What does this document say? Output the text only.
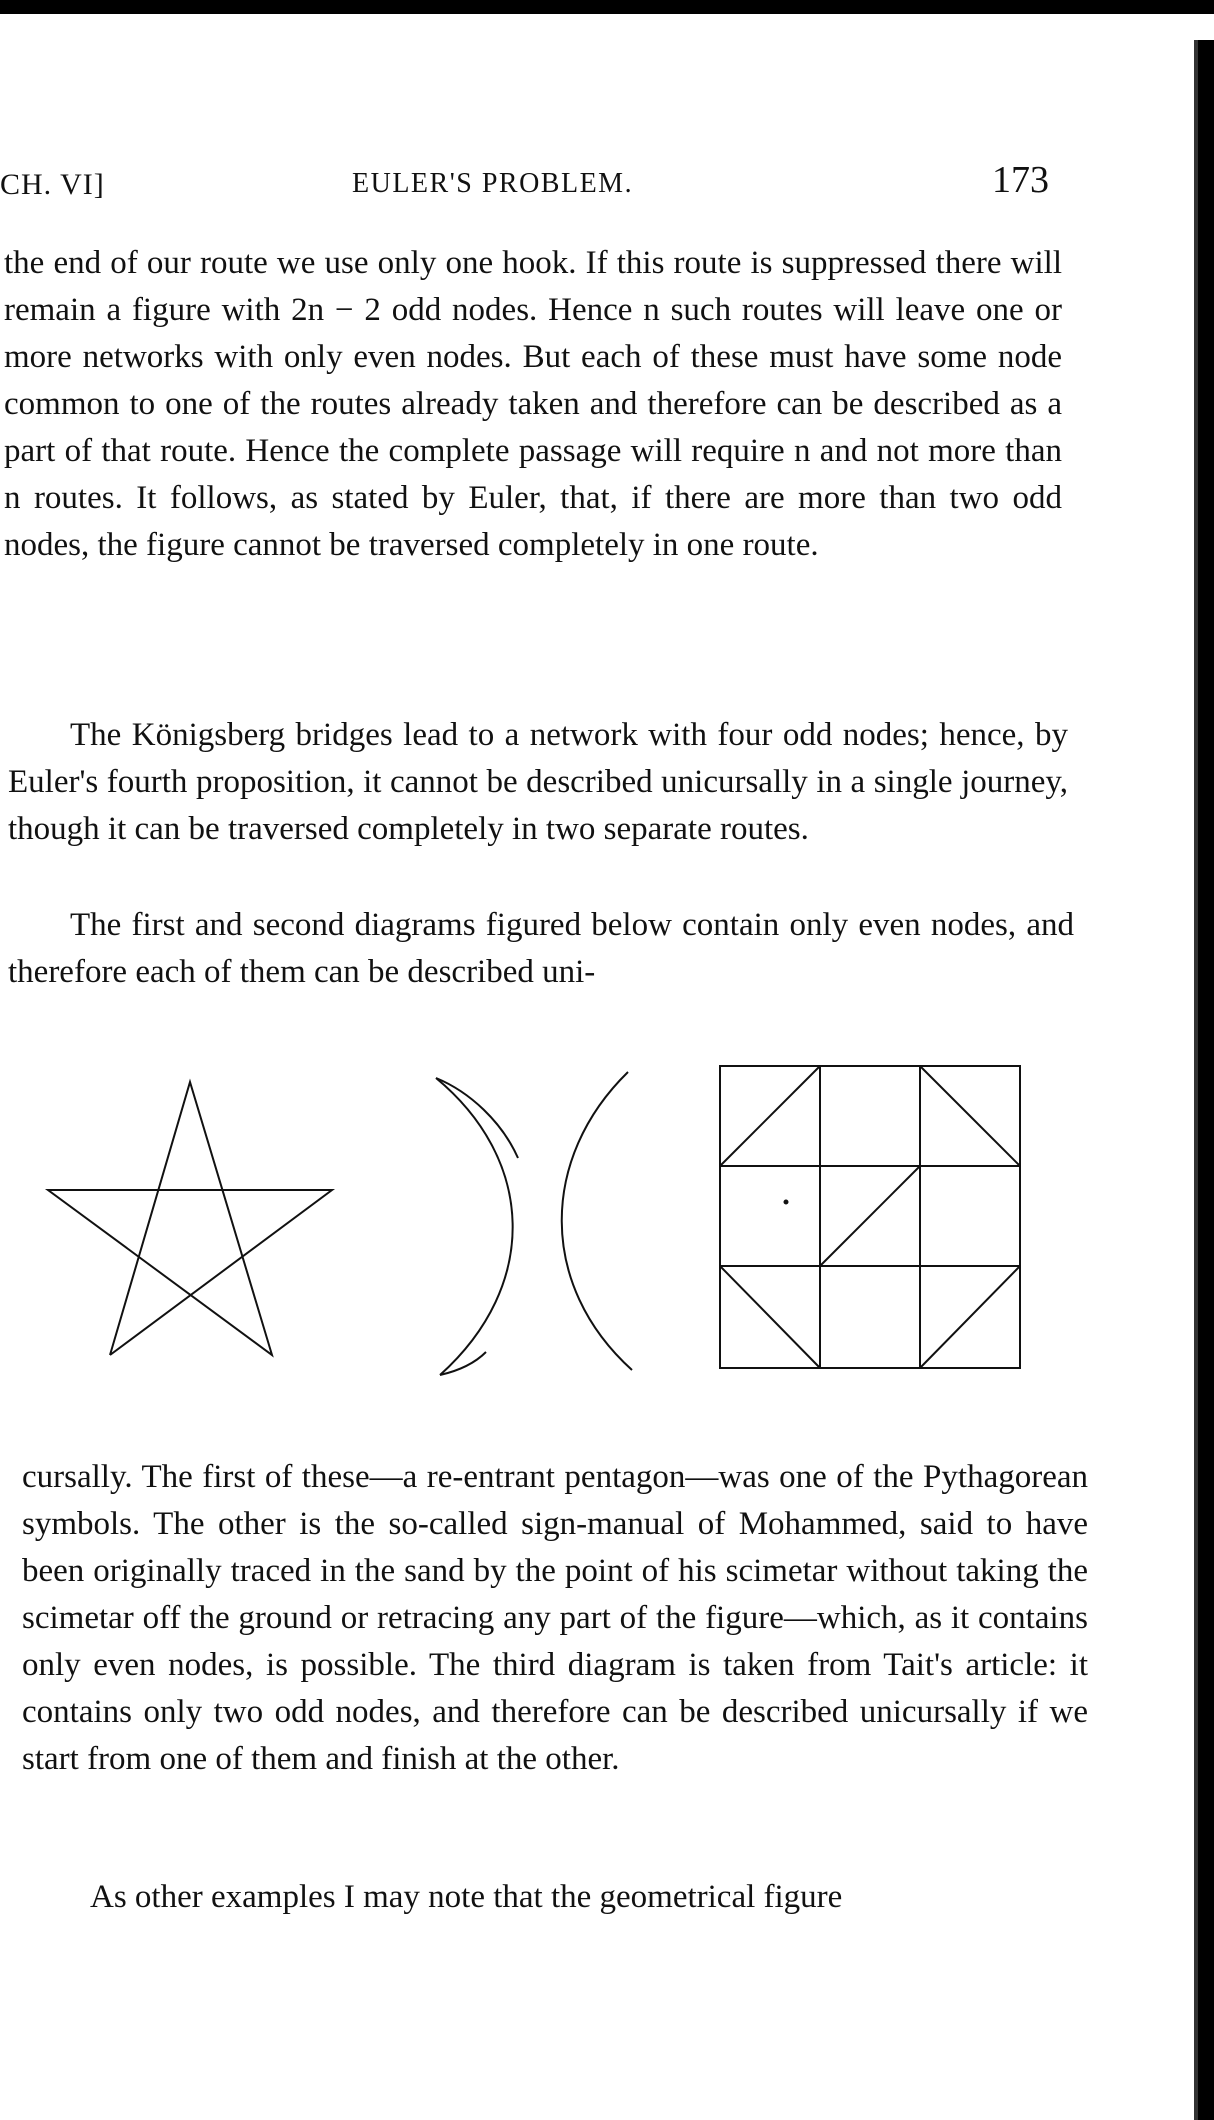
CH. VI]	EULER'S PROBLEM.	173

the end of our route we use only one hook. If this route is suppressed there will remain a figure with 2n − 2 odd nodes. Hence n such routes will leave one or more networks with only even nodes. But each of these must have some node common to one of the routes already taken and therefore can be described as a part of that route. Hence the complete passage will require n and not more than n routes. It follows, as stated by Euler, that, if there are more than two odd nodes, the figure cannot be traversed completely in one route.

The Königsberg bridges lead to a network with four odd nodes; hence, by Euler's fourth proposition, it cannot be described unicursally in a single journey, though it can be traversed completely in two separate routes.

The first and second diagrams figured below contain only even nodes, and therefore each of them can be described uni-

cursally. The first of these—a re-entrant pentagon—was one of the Pythagorean symbols. The other is the so-called sign-manual of Mohammed, said to have been originally traced in the sand by the point of his scimetar without taking the scimetar off the ground or retracing any part of the figure—which, as it contains only even nodes, is possible. The third diagram is taken from Tait's article: it contains only two odd nodes, and therefore can be described unicursally if we start from one of them and finish at the other.

As other examples I may note that the geometrical figure
